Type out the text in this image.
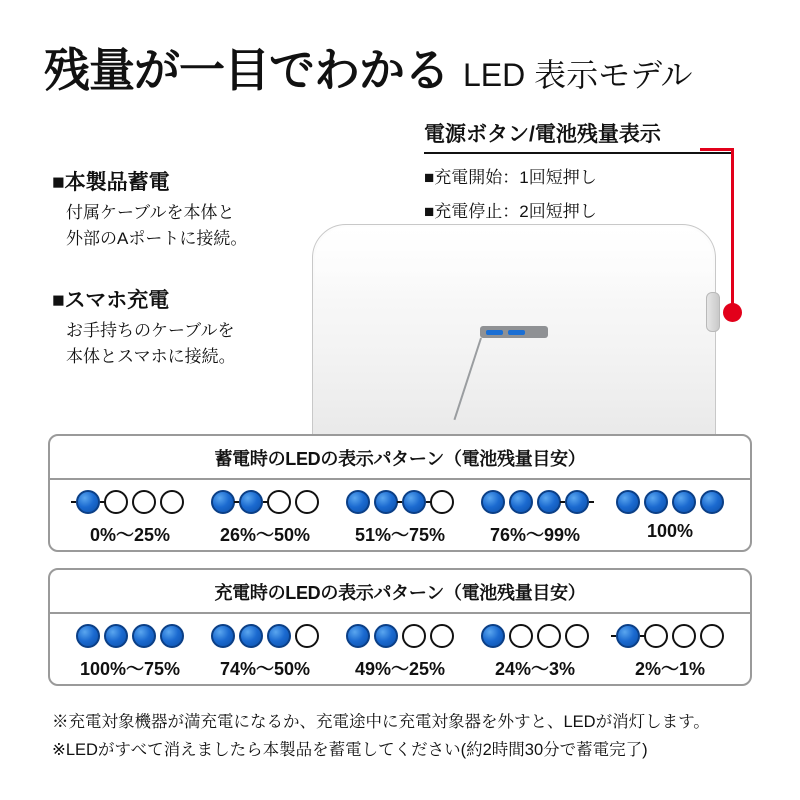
残量が一目でわかる LED 表示モデル
■本製品蓄電
付属ケーブルを本体と
外部のAポートに接続。
■スマホ充電
お手持ちのケーブルを
本体とスマホに接続。
電源ボタン/電池残量表示
■充電開始：1回短押し
■充電停止：2回短押し
蓄電時のLEDの表示パターン（電池残量目安）
0%〜25%	26%〜50% 51%〜75% 76%〜99%	100%
充電時のLEDの表示パターン（電池残量目安）
100%〜75% 74%〜50% 49%〜25%	24%〜3%	2%〜1%
※充電対象機器が満充電になるか、充電途中に充電対象器を外すと、LEDが消灯します。
※LEDがすべて消えましたら本製品を蓄電してください(約2時間30分で蓄電完了)
